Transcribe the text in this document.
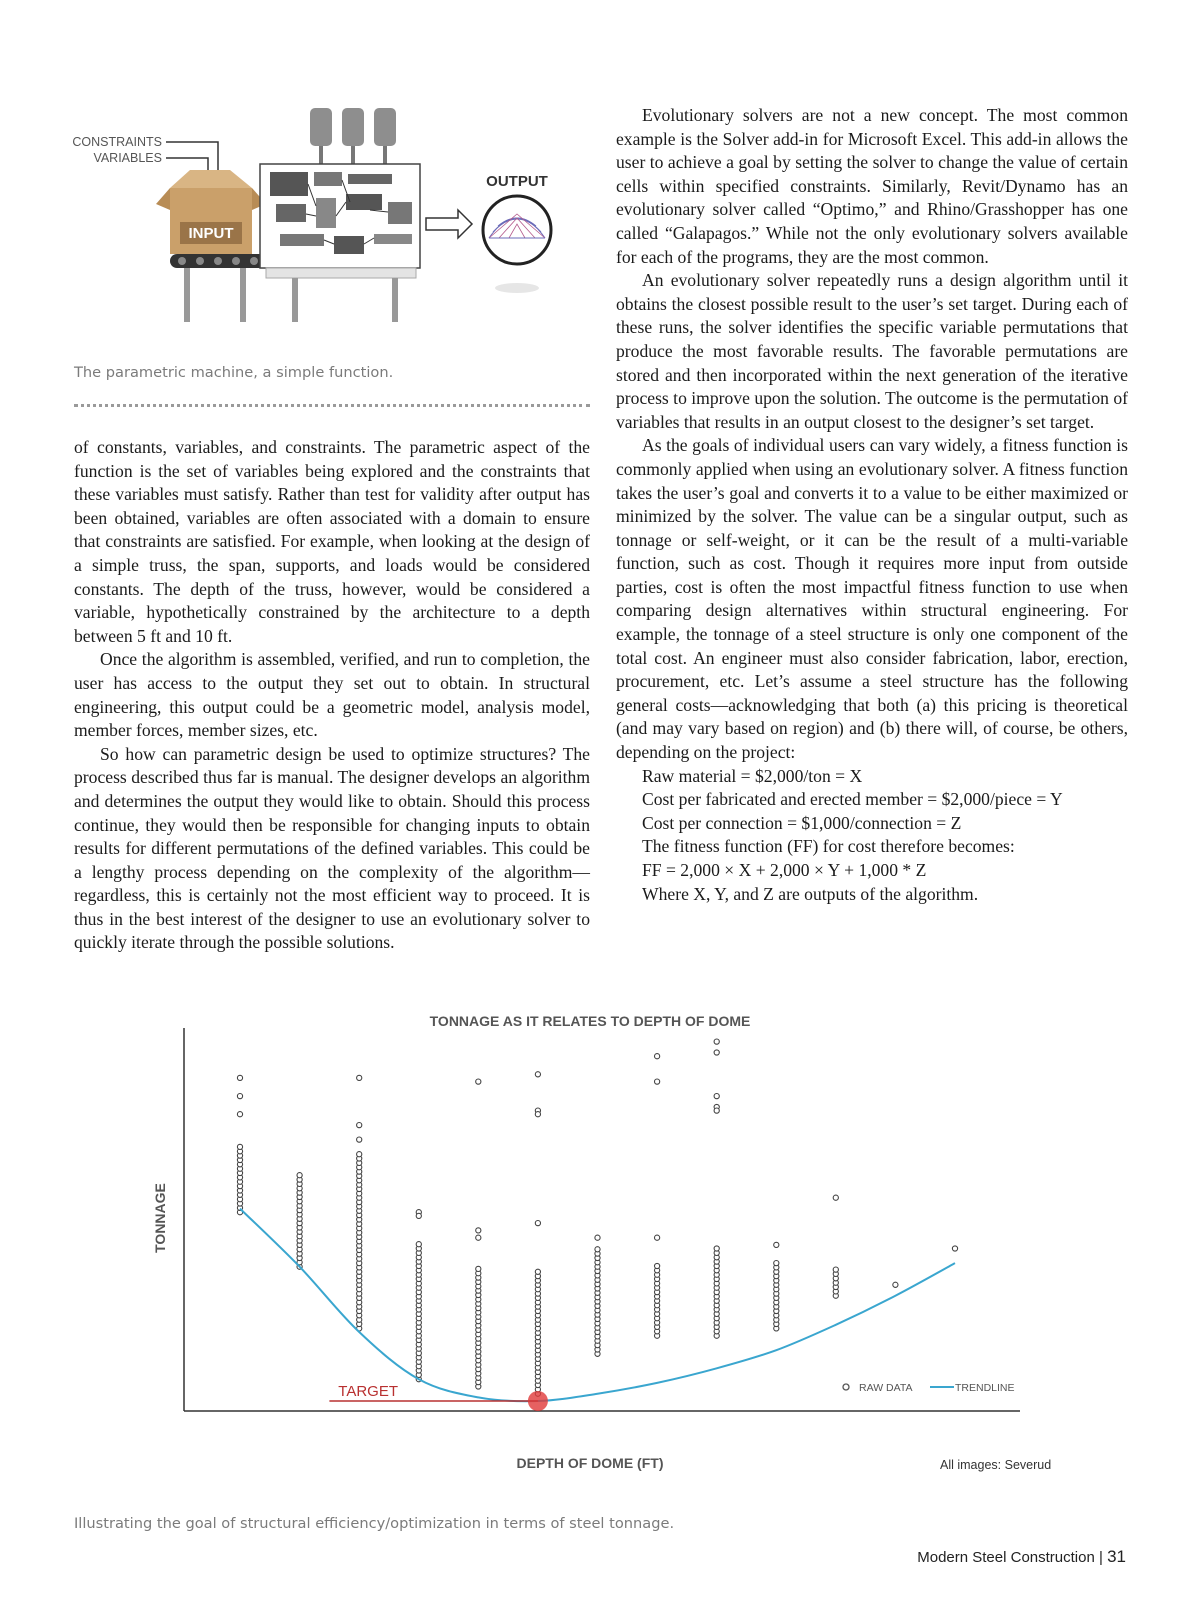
CONSTRAINTS
VARIABLES
INPUT
OUTPUT
The parametric machine, a simple function.

of constants, variables, and constraints. The parametric aspect of the function is the set of variables being explored and the constraints that these variables must satisfy. Rather than test for validity after output has been obtained, variables are often associated with a domain to ensure that constraints are satisfied. For example, when looking at the design of a simple truss, the span, supports, and loads would be considered constants. The depth of the truss, however, would be considered a variable, hypothetically constrained by the architecture to a depth between 5 ft and 10 ft.

Once the algorithm is assembled, verified, and run to completion, the user has access to the output they set out to obtain. In structural engineering, this output could be a geometric model, analysis model, member forces, member sizes, etc.

So how can parametric design be used to optimize structures? The process described thus far is manual. The designer develops an algorithm and determines the output they would like to obtain. Should this process continue, they would then be responsible for changing inputs to obtain results for different permutations of the defined variables. This could be a lengthy process depending on the complexity of the algorithm—regardless, this is certainly not the most efficient way to proceed. It is thus in the best interest of the designer to use an evolutionary solver to quickly iterate through the possible solutions.

Evolutionary solvers are not a new concept. The most common example is the Solver add-in for Microsoft Excel. This add-in allows the user to achieve a goal by setting the solver to change the value of certain cells within specified constraints. Similarly, Revit/Dynamo has an evolutionary solver called “Optimo,” and Rhino/Grasshopper has one called “Galapagos.” While not the only evolutionary solvers available for each of the programs, they are the most common.

An evolutionary solver repeatedly runs a design algorithm until it obtains the closest possible result to the user’s set target. During each of these runs, the solver identifies the specific variable permutations that produce the most favorable results. The favorable permutations are stored and then incorporated within the next generation of the iterative process to improve upon the solution. The outcome is the permutation of variables that results in an output closest to the designer’s set target.

As the goals of individual users can vary widely, a fitness function is commonly applied when using an evolutionary solver. A fitness function takes the user’s goal and converts it to a value to be either maximized or minimized by the solver. The value can be a singular output, such as tonnage or self-weight, or it can be the result of a multi-variable function, such as cost. Though it requires more input from outside parties, cost is often the most impactful fitness function to use when comparing design alternatives within structural engineering. For example, the tonnage of a steel structure is only one component of the total cost. An engineer must also consider fabrication, labor, erection, procurement, etc. Let’s assume a steel structure has the following general costs—acknowledging that both (a) this pricing is theoretical (and may vary based on region) and (b) there will, of course, be others, depending on the project:

Raw material = $2,000/ton = X

Cost per fabricated and erected member = $2,000/piece = Y

Cost per connection = $1,000/connection = Z

The fitness function (FF) for cost therefore becomes:

FF = 2,000 × X + 2,000 × Y + 1,000 * Z

Where X, Y, and Z are outputs of the algorithm.

TONNAGE AS IT RELATES TO DEPTH OF DOME
TONNAGE
DEPTH OF DOME (FT)
TARGET	RAW DATA	TRENDLINE
All images: Severud
Illustrating the goal of structural efficiency/optimization in terms of steel tonnage.
Modern Steel Construction | 31
